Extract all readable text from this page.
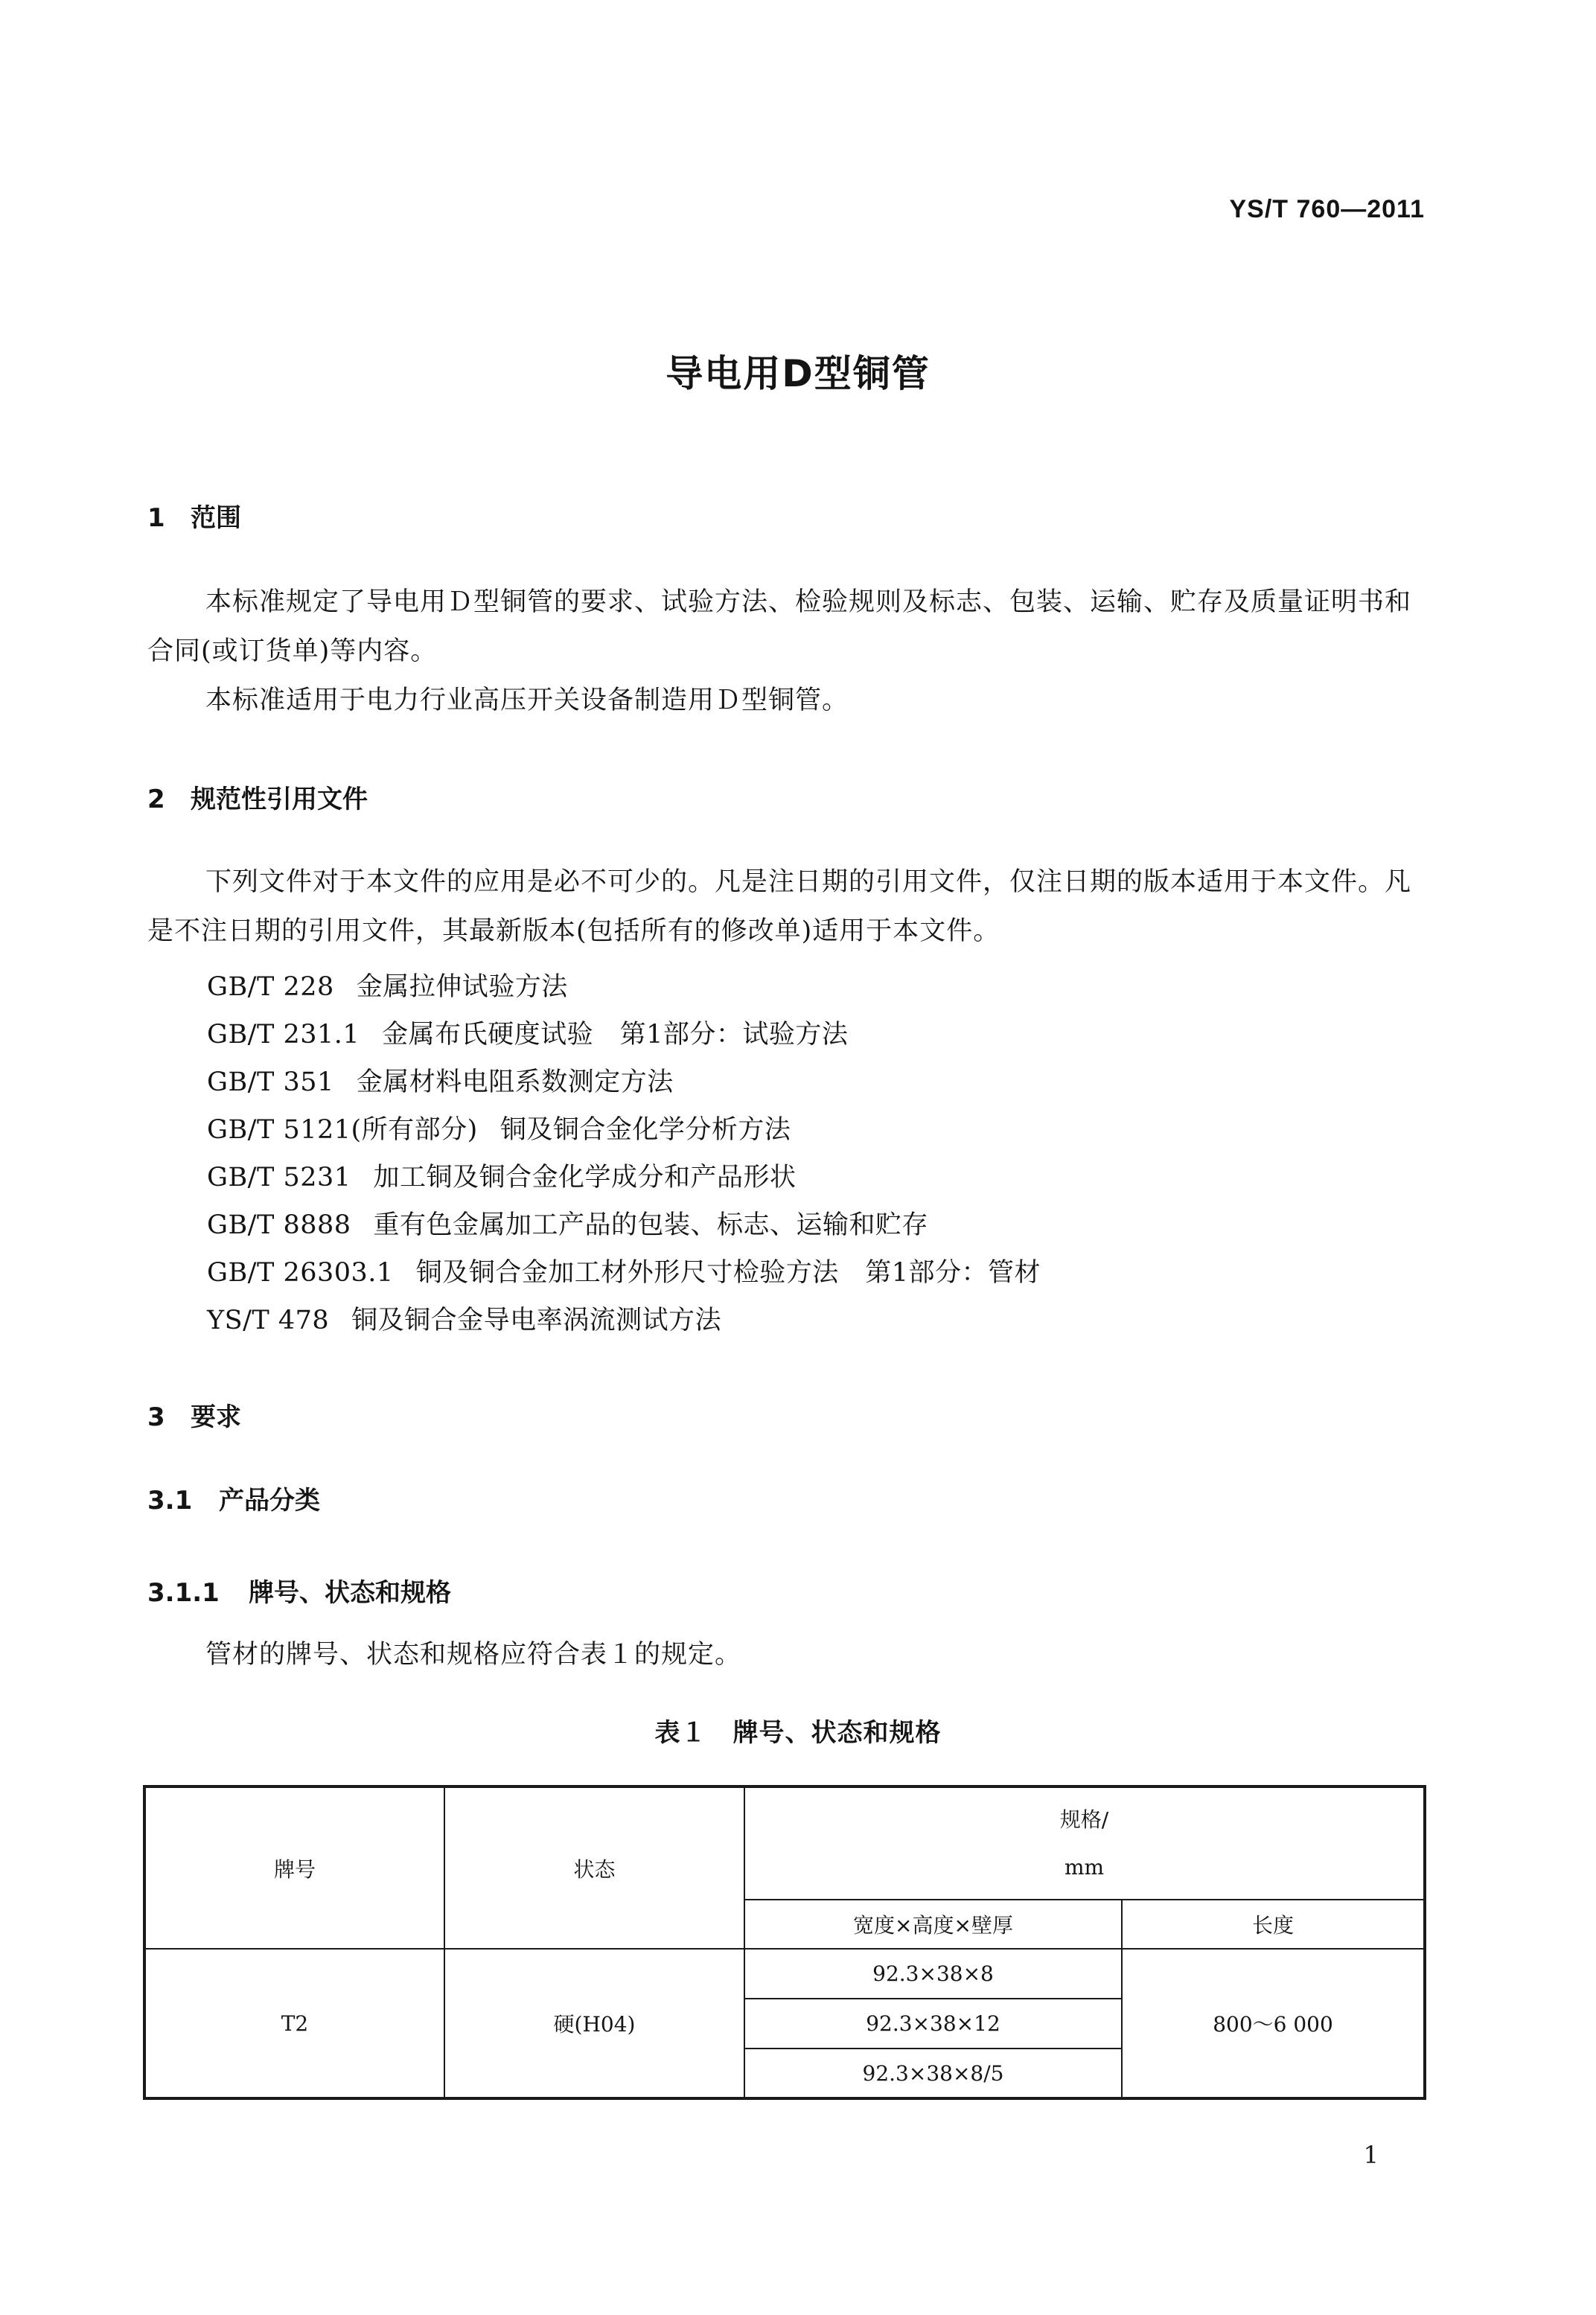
YS/T 760—2011
导电用D型铜管
1 范围
本标准规定了导电用Ｄ型铜管的要求、试验方法、检验规则及标志、包装、运输、贮存及质量证明书和合同(或订货单)等内容。
本标准适用于电力行业高压开关设备制造用Ｄ型铜管。
2 规范性引用文件
下列文件对于本文件的应用是必不可少的。凡是注日期的引用文件，仅注日期的版本适用于本文件。凡是不注日期的引用文件，其最新版本(包括所有的修改单)适用于本文件。
GB/T 228 金属拉伸试验方法
GB/T 231.1 金属布氏硬度试验　第1部分：试验方法
GB/T 351 金属材料电阻系数测定方法
GB/T 5121(所有部分) 铜及铜合金化学分析方法
GB/T 5231 加工铜及铜合金化学成分和产品形状
GB/T 8888 重有色金属加工产品的包装、标志、运输和贮存
GB/T 26303.1 铜及铜合金加工材外形尺寸检验方法　第1部分：管材
YS/T 478 铜及铜合金导电率涡流测试方法
3 要求
3.1 产品分类
3.1.1 牌号、状态和规格
管材的牌号、状态和规格应符合表１的规定。
表１　牌号、状态和规格
牌号	状态	规格/
mm	

		宽度×高度×壁厚	长度
T2	硬(H04)	92.3×38×8	800～6 000
		92.3×38×12	
		92.3×38×8/5	
1
